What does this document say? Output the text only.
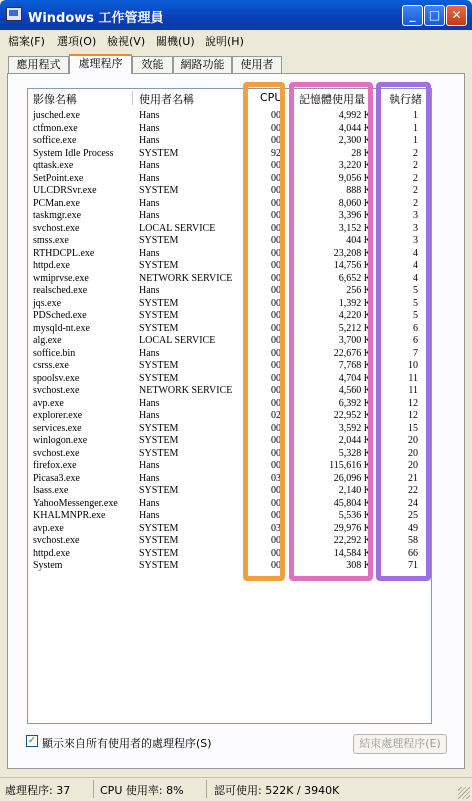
Windows 工作管理員	_	□ ✕
檔案(F) 選項(O) 檢視(V) 關機(U) 說明(H)
應用程式	處理程序	效能	網路功能	使用者
影像名稱	使用者名稱	CPU 記憶體使用量 執行緒
jusched.exe	Hans	00	4,992 K	1
ctfmon.exe	Hans	00	4,044 K	1
soffice.exe	Hans	00	2,300 K	1
System Idle Process	SYSTEM	92	28 K	2
qttask.exe	Hans	00	3,220 K	2
SetPoint.exe	Hans	00	9,056 K	2
ULCDRSvr.exe	SYSTEM	00	888 K	2
PCMan.exe	Hans	00	8,060 K	2
taskmgr.exe	Hans	00	3,396 K	3
svchost.exe	LOCAL SERVICE	00	3,152 K	3
smss.exe	SYSTEM	00	404 K	3
RTHDCPL.exe	Hans	00	23,208 K	4
httpd.exe	SYSTEM	00	14,756 K	4
wmiprvse.exe	NETWORK SERVICE	00	6,652 K	4
realsched.exe	Hans	00	256 K	5
jqs.exe	SYSTEM	00	1,392 K	5
PDSched.exe	SYSTEM	00	4,220 K	5
mysqld-nt.exe	SYSTEM	00	5,212 K	6
alg.exe	LOCAL SERVICE	00	3,700 K	6
soffice.bin	Hans	00	22,676 K	7
csrss.exe	SYSTEM	00	7,768 K	10
spoolsv.exe	SYSTEM	00	4,704 K	11
svchost.exe	NETWORK SERVICE	00	4,560 K	11
avp.exe	Hans	00	6,392 K	12
explorer.exe	Hans	02	22,952 K	12
services.exe	SYSTEM	00	3,592 K	15
winlogon.exe	SYSTEM	00	2,044 K	20
svchost.exe	SYSTEM	00	5,328 K	20
firefox.exe	Hans	00	115,616 K	20
Picasa3.exe	Hans	03	26,096 K	21
lsass.exe	SYSTEM	00	2,140 K	22
YahooMessenger.exe Hans	00	45,804 K	24
KHALMNPR.exe	Hans	00	5,536 K	25
avp.exe	SYSTEM	03	29,976 K	49
svchost.exe	SYSTEM	00	22,292 K	58
httpd.exe	SYSTEM	00	14,584 K	66
System	SYSTEM	00	308 K	71
✓ 顯示來自所有使用者的處理程序(S)	結束處理程序(E)
處理程序: 37	CPU 使用率: 8%	認可使用: 522K / 3940K
